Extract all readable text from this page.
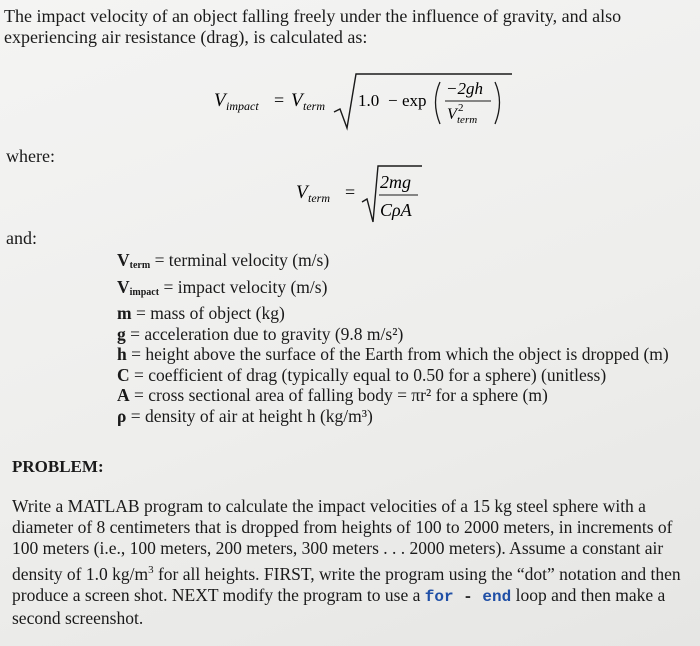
The impact velocity of an object falling freely under the influence of gravity, and also experiencing air resistance (drag), is calculated as:
V impact = V term 1.0 − exp
−2gh
V 2
term
where:
V term = 2mg
CρA
and:
$V_{term}$ = terminal velocity (m/s)
$V_{impact}$ = impact velocity (m/s)
m = mass of object (kg)
g = acceleration due to gravity (9.8 m/s²)
h = height above the surface of the Earth from which the object is dropped (m)
C = coefficient of drag (typically equal to 0.50 for a sphere) (unitless)
A = cross sectional area of falling body = πr² for a sphere (m)
ρ = density of air at height h (kg/m³)
PROBLEM:
Write a MATLAB program to calculate the impact velocities of a 15 kg steel sphere with a diameter of 8 centimeters that is dropped from heights of 100 to 2000 meters, in increments of 100 meters (i.e., 100 meters, 200 meters, 300 meters . . . 2000 meters). Assume a constant air density of 1.0 $kg/m^3$ for all heights. FIRST, write the program using the “dot” notation and then produce a screen shot. NEXT modify the program to use a for - end loop and then make a second screenshot.
